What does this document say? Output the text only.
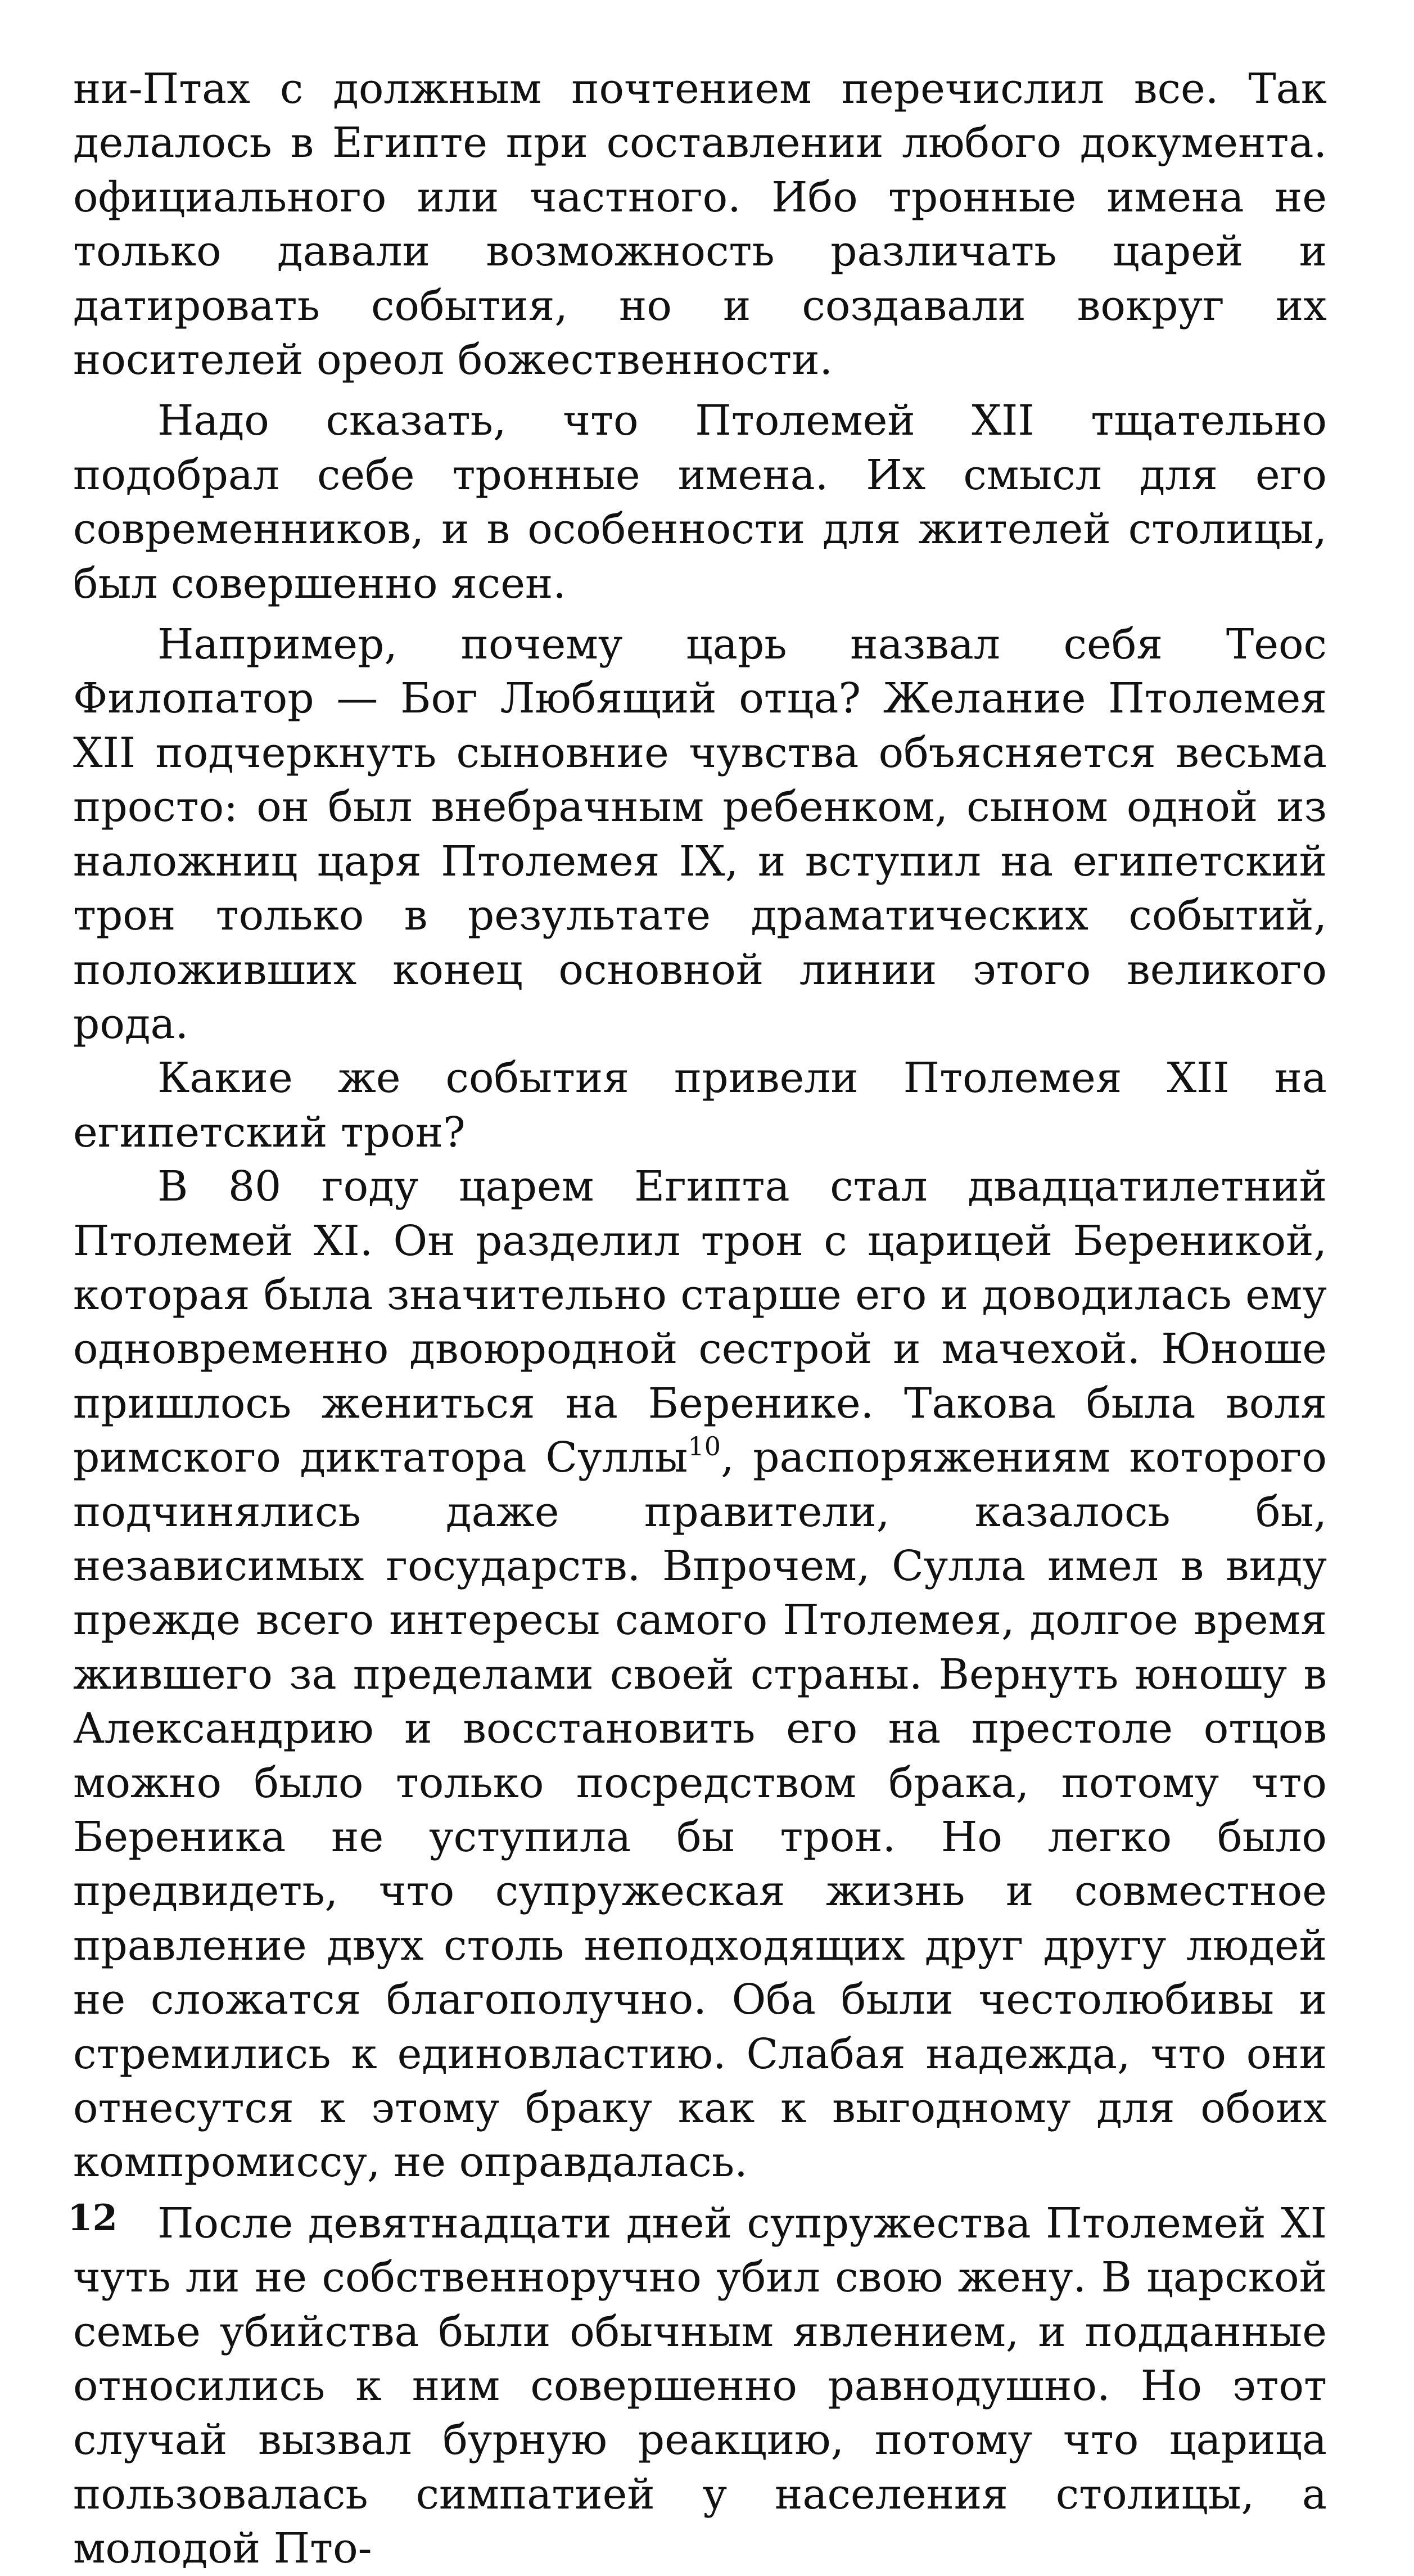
ни-Птах с должным почтением перечислил все. Так делалось в Египте при составлении любого документа. официального или частного. Ибо тронные имена не только давали возможность различать царей и датировать события, но и создавали вокруг их носителей ореол божественности.

Надо сказать, что Птолемей XII тщательно подобрал себе тронные имена. Их смысл для его современников, и в особенности для жителей столицы, был совершенно ясен.

Например, почему царь назвал себя Теос Филопатор — Бог Любящий отца? Желание Птолемея XII подчеркнуть сыновние чувства объясняется весьма просто: он был внебрачным ребенком, сыном одной из наложниц царя Птолемея IX, и вступил на египетский трон только в результате драматических событий, положивших конец основной линии этого великого рода.

Какие же события привели Птолемея XII на египетский трон?

В 80 году царем Египта стал двадцатилетний Птолемей XI. Он разделил трон с царицей Береникой, которая была значительно старше его и доводилась ему одновременно двоюродной сестрой и мачехой. Юноше пришлось жениться на Беренике. Такова была воля римского диктатора Суллы$^{10}$, распоряжениям которого подчинялись даже правители, казалось бы, независимых государств. Впрочем, Сулла имел в виду прежде всего интересы самого Птолемея, долгое время жившего за пределами своей страны. Вернуть юношу в Александрию и восстановить его на престоле отцов можно было только посредством брака, потому что Береника не уступила бы трон. Но легко было предвидеть, что супружеская жизнь и совместное правление двух столь неподходящих друг другу людей не сложатся благополучно. Оба были честолюбивы и стремились к единовластию. Слабая надежда, что они отнесутся к этому браку как к выгодному для обоих компромиссу, не оправдалась.

После девятнадцати дней супружества Птолемей XI чуть ли не собственноручно убил свою жену. В царской семье убийства были обычным явлением, и подданные относились к ним совершенно равнодушно. Но этот случай вызвал бурную реакцию, потому что царица пользовалась симпатией у населения столицы, а молодой Пто-

12
